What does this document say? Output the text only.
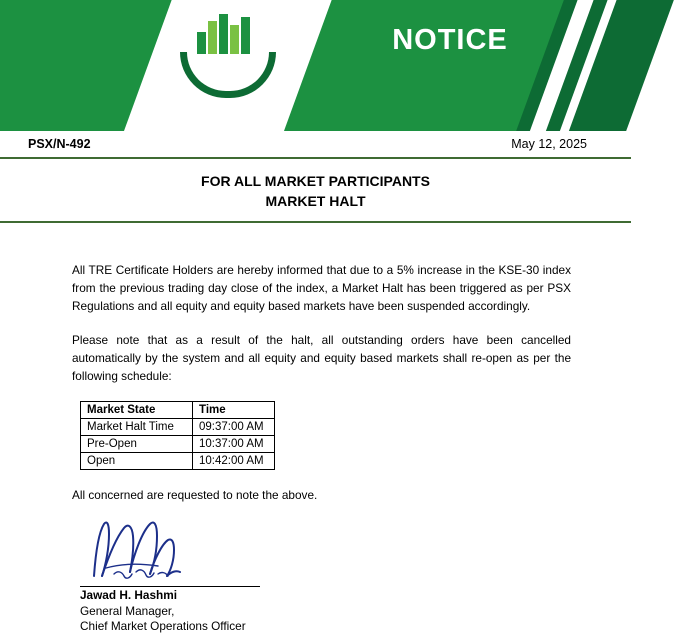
PSX
PAKISTAN
STOCK EXCHANGE
NOTICE
PSX/N-492	May 12, 2025
FOR ALL MARKET PARTICIPANTS
MARKET HALT

All TRE Certificate Holders are hereby informed that due to a 5% increase in the KSE-30 index from the previous trading day close of the index, a Market Halt has been triggered as per PSX Regulations and all equity and equity based markets have been suspended accordingly.

Please note that as a result of the halt, all outstanding orders have been cancelled automatically by the system and all equity and equity based markets shall re-open as per the following schedule:

Market State	Time
Market Halt Time	09:37:00 AM
Pre-Open	10:37:00 AM
Open	10:42:00 AM

All concerned are requested to note the above.

Jawad H. Hashmi
General Manager,
Chief Market Operations Officer
